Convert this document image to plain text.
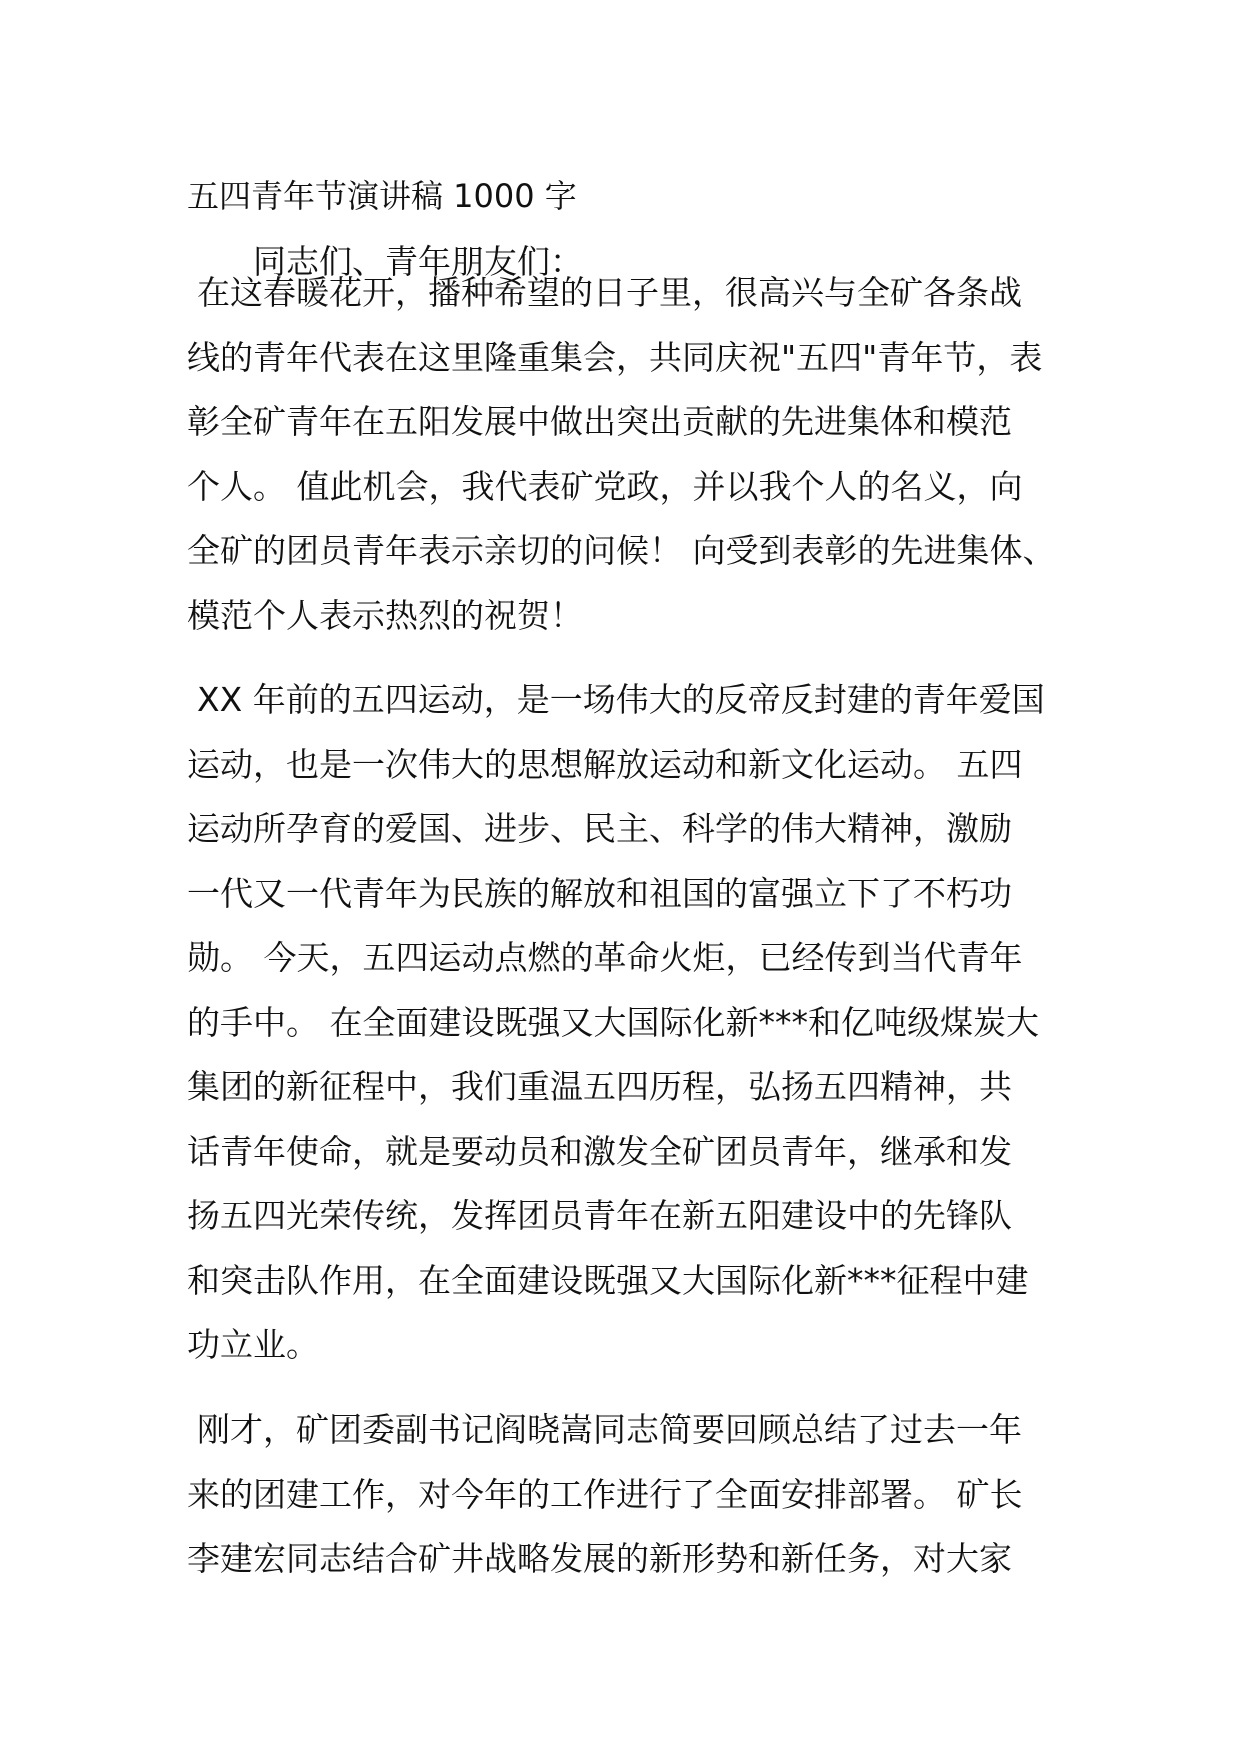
五四青年节演讲稿 1000 字

同志们、青年朋友们：

在这春暖花开，播种希望的日子里，很高兴与全矿各条战
线的青年代表在这里隆重集会，共同庆祝"五四"青年节，表
彰全矿青年在五阳发展中做出突出贡献的先进集体和模范
个人。 值此机会，我代表矿党政，并以我个人的名义，向
全矿的团员青年表示亲切的问候！ 向受到表彰的先进集体、
模范个人表示热烈的祝贺！

XX 年前的五四运动，是一场伟大的反帝反封建的青年爱国
运动，也是一次伟大的思想解放运动和新文化运动。 五四
运动所孕育的爱国、进步、民主、科学的伟大精神，激励
一代又一代青年为民族的解放和祖国的富强立下了不朽功
勋。 今天，五四运动点燃的革命火炬，已经传到当代青年
的手中。 在全面建设既强又大国际化新***和亿吨级煤炭大
集团的新征程中，我们重温五四历程，弘扬五四精神，共
话青年使命，就是要动员和激发全矿团员青年，继承和发
扬五四光荣传统，发挥团员青年在新五阳建设中的先锋队
和突击队作用，在全面建设既强又大国际化新***征程中建
功立业。

刚才，矿团委副书记阎晓嵩同志简要回顾总结了过去一年
来的团建工作，对今年的工作进行了全面安排部署。 矿长
李建宏同志结合矿井战略发展的新形势和新任务，对大家
